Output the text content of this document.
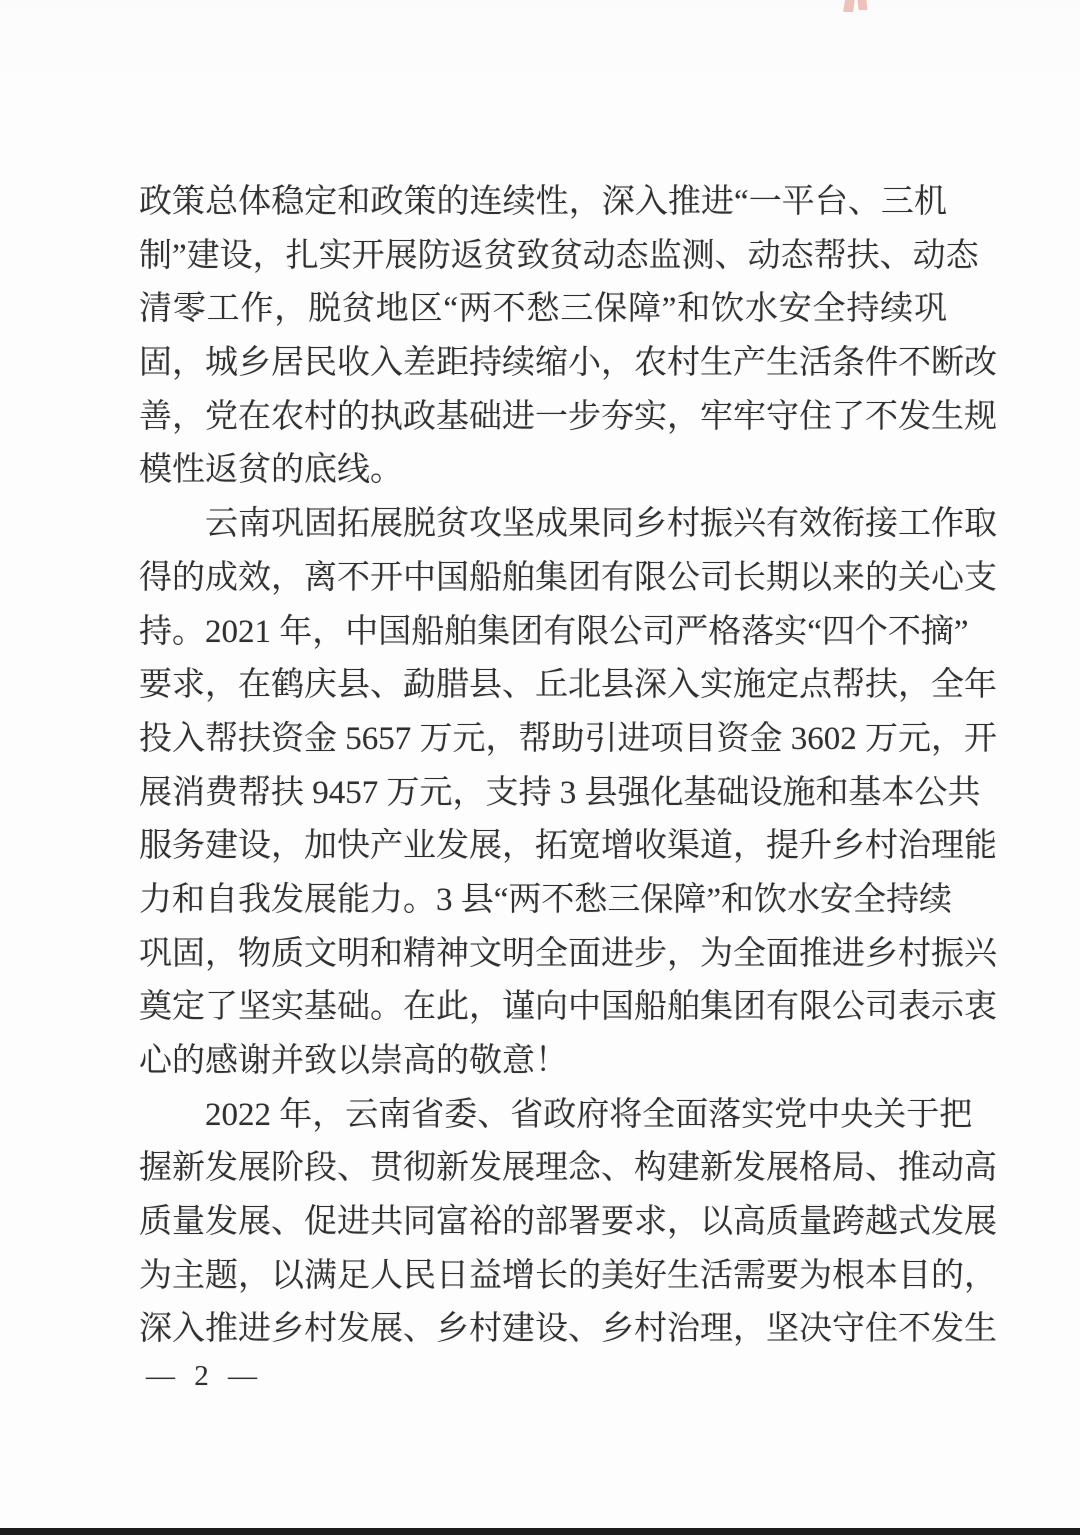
政策总体稳定和政策的连续性，深入推进“一平台、三机
制”建设，扎实开展防返贫致贫动态监测、动态帮扶、动态
清零工作，脱贫地区“两不愁三保障”和饮水安全持续巩
固，城乡居民收入差距持续缩小，农村生产生活条件不断改
善，党在农村的执政基础进一步夯实，牢牢守住了不发生规
模性返贫的底线。
云南巩固拓展脱贫攻坚成果同乡村振兴有效衔接工作取
得的成效，离不开中国船舶集团有限公司长期以来的关心支
持。2021 年，中国船舶集团有限公司严格落实“四个不摘”
要求，在鹤庆县、勐腊县、丘北县深入实施定点帮扶，全年
投入帮扶资金 5657 万元，帮助引进项目资金 3602 万元，开
展消费帮扶 9457 万元，支持 3 县强化基础设施和基本公共
服务建设，加快产业发展，拓宽增收渠道，提升乡村治理能
力和自我发展能力。3 县“两不愁三保障”和饮水安全持续
巩固，物质文明和精神文明全面进步，为全面推进乡村振兴
奠定了坚实基础。在此，谨向中国船舶集团有限公司表示衷
心的感谢并致以崇高的敬意！
2022 年，云南省委、省政府将全面落实党中央关于把
握新发展阶段、贯彻新发展理念、构建新发展格局、推动高
质量发展、促进共同富裕的部署要求，以高质量跨越式发展
为主题，以满足人民日益增长的美好生活需要为根本目的，
深入推进乡村发展、乡村建设、乡村治理，坚决守住不发生
— 2 —
